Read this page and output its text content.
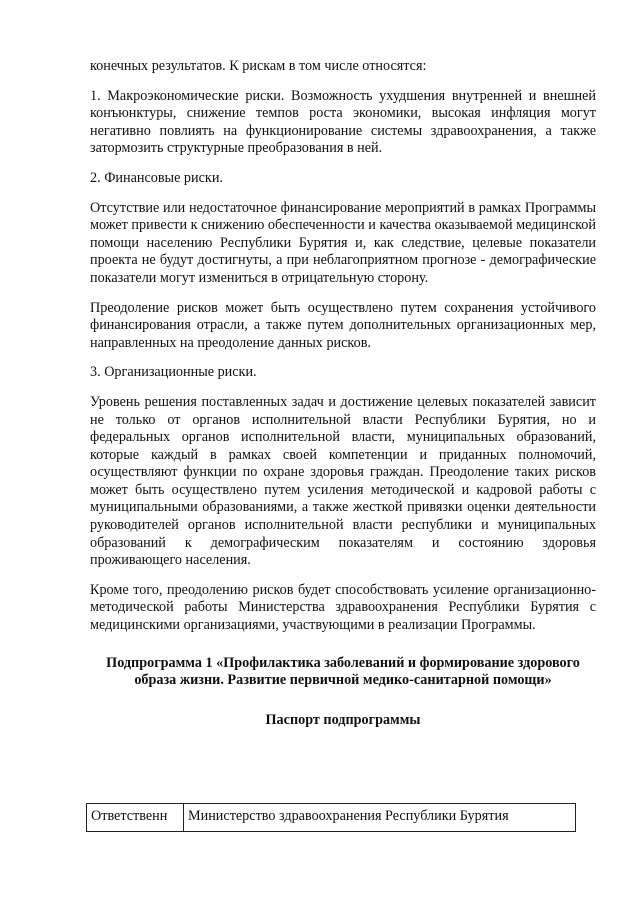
конечных результатов. К рискам в том числе относятся:

1. Макроэкономические риски. Возможность ухудшения внутренней и внешней конъюнктуры, снижение темпов роста экономики, высокая инфляция могут негативно повлиять на функционирование системы здравоохранения, а также затормозить структурные преобразования в ней.

2. Финансовые риски.

Отсутствие или недостаточное финансирование мероприятий в рамках Программы может привести к снижению обеспеченности и качества оказываемой медицинской помощи населению Республики Бурятия и, как следствие, целевые показатели проекта не будут достигнуты, а при неблагоприятном прогнозе - демографические показатели могут измениться в отрицательную сторону.

Преодоление рисков может быть осуществлено путем сохранения устойчивого финансирования отрасли, а также путем дополнительных организационных мер, направленных на преодоление данных рисков.

3. Организационные риски.

Уровень решения поставленных задач и достижение целевых показателей зависит не только от органов исполнительной власти Республики Бурятия, но и федеральных органов исполнительной власти, муниципальных образований, которые каждый в рамках своей компетенции и приданных полномочий, осуществляют функции по охране здоровья граждан. Преодоление таких рисков может быть осуществлено путем усиления методической и кадровой работы с муниципальными образованиями, а также жесткой привязки оценки деятельности руководителей органов исполнительной власти республики и муниципальных образований к демографическим показателям и состоянию здоровья проживающего населения.

Кроме того, преодолению рисков будет способствовать усиление организационно-методической работы Министерства здравоохранения Республики Бурятия с медицинскими организациями, участвующими в реализации Программы.

Подпрограмма 1 «Профилактика заболеваний и формирование здорового образа жизни. Развитие первичной медико-санитарной помощи»
Паспорт подпрограммы
Ответственн	Министерство здравоохранения Республики Бурятия
